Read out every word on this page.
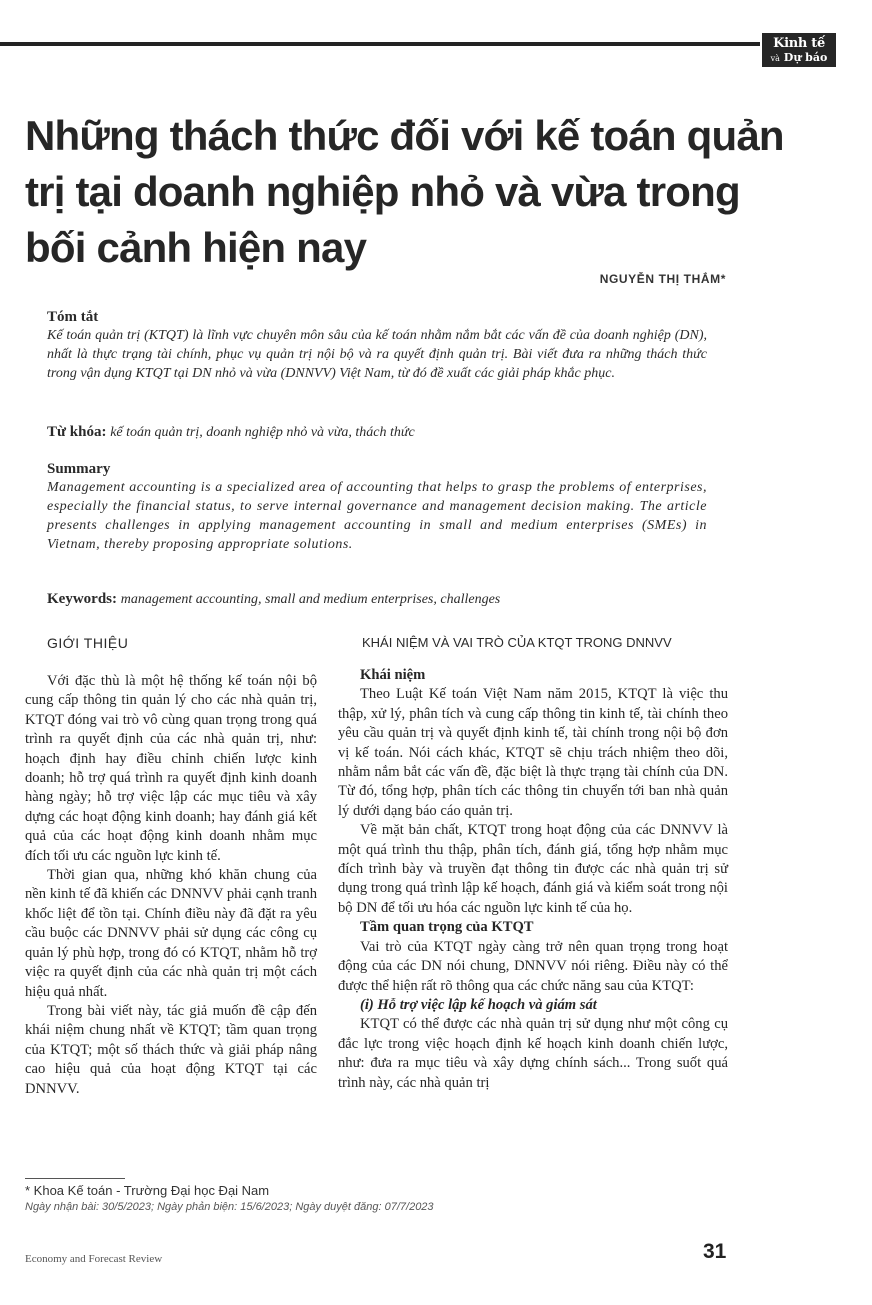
Kinh tế
và Dự báo
Những thách thức đối với kế toán quản trị tại doanh nghiệp nhỏ và vừa trong bối cảnh hiện nay
NGUYỄN THỊ THẮM*
Tóm tắt
Kế toán quản trị (KTQT) là lĩnh vực chuyên môn sâu của kế toán nhằm nắm bắt các vấn đề của doanh nghiệp (DN), nhất là thực trạng tài chính, phục vụ quản trị nội bộ và ra quyết định quản trị. Bài viết đưa ra những thách thức trong vận dụng KTQT tại DN nhỏ và vừa (DNNVV) Việt Nam, từ đó đề xuất các giải pháp khắc phục.
Từ khóa: kế toán quản trị, doanh nghiệp nhỏ và vừa, thách thức
Summary
Management accounting is a specialized area of accounting that helps to grasp the problems of enterprises, especially the financial status, to serve internal governance and management decision making. The article presents challenges in applying management accounting in small and medium enterprises (SMEs) in Vietnam, thereby proposing appropriate solutions.
Keywords: management accounting, small and medium enterprises, challenges
GIỚI THIỆU

Với đặc thù là một hệ thống kế toán nội bộ cung cấp thông tin quản lý cho các nhà quản trị, KTQT đóng vai trò vô cùng quan trọng trong quá trình ra quyết định của các nhà quản trị, như: hoạch định hay điều chỉnh chiến lược kinh doanh; hỗ trợ quá trình ra quyết định kinh doanh hàng ngày; hỗ trợ việc lập các mục tiêu và xây dựng các hoạt động kinh doanh; hay đánh giá kết quả của các hoạt động kinh doanh nhằm mục đích tối ưu các nguồn lực kinh tế.

Thời gian qua, những khó khăn chung của nền kinh tế đã khiến các DNNVV phải cạnh tranh khốc liệt để tồn tại. Chính điều này đã đặt ra yêu cầu buộc các DNNVV phải sử dụng các công cụ quản lý phù hợp, trong đó có KTQT, nhằm hỗ trợ việc ra quyết định của các nhà quản trị một cách hiệu quả nhất.

Trong bài viết này, tác giả muốn đề cập đến khái niệm chung nhất về KTQT; tầm quan trọng của KTQT; một số thách thức và giải pháp nâng cao hiệu quả của hoạt động KTQT tại các DNNVV.

KHÁI NIỆM VÀ VAI TRÒ CỦA KTQT TRONG DNNVV
Khái niệm

Theo Luật Kế toán Việt Nam năm 2015, KTQT là việc thu thập, xử lý, phân tích và cung cấp thông tin kinh tế, tài chính theo yêu cầu quản trị và quyết định kinh tế, tài chính trong nội bộ đơn vị kế toán. Nói cách khác, KTQT sẽ chịu trách nhiệm theo dõi, nhằm nắm bắt các vấn đề, đặc biệt là thực trạng tài chính của DN. Từ đó, tổng hợp, phân tích các thông tin chuyển tới ban nhà quản lý dưới dạng báo cáo quản trị.

Về mặt bản chất, KTQT trong hoạt động của các DNNVV là một quá trình thu thập, phân tích, đánh giá, tổng hợp nhằm mục đích trình bày và truyền đạt thông tin được các nhà quản trị sử dụng trong quá trình lập kế hoạch, đánh giá và kiểm soát trong nội bộ DN để tối ưu hóa các nguồn lực kinh tế của họ.

Tầm quan trọng của KTQT

Vai trò của KTQT ngày càng trở nên quan trọng trong hoạt động của các DN nói chung, DNNVV nói riêng. Điều này có thể được thể hiện rất rõ thông qua các chức năng sau của KTQT:

(i) Hỗ trợ việc lập kế hoạch và giám sát

KTQT có thể được các nhà quản trị sử dụng như một công cụ đắc lực trong việc hoạch định kế hoạch kinh doanh chiến lược, như: đưa ra mục tiêu và xây dựng chính sách... Trong suốt quá trình này, các nhà quản trị

* Khoa Kế toán - Trường Đại học Đại Nam
Ngày nhận bài: 30/5/2023; Ngày phản biện: 15/6/2023; Ngày duyệt đăng: 07/7/2023
Economy and Forecast Review	31
